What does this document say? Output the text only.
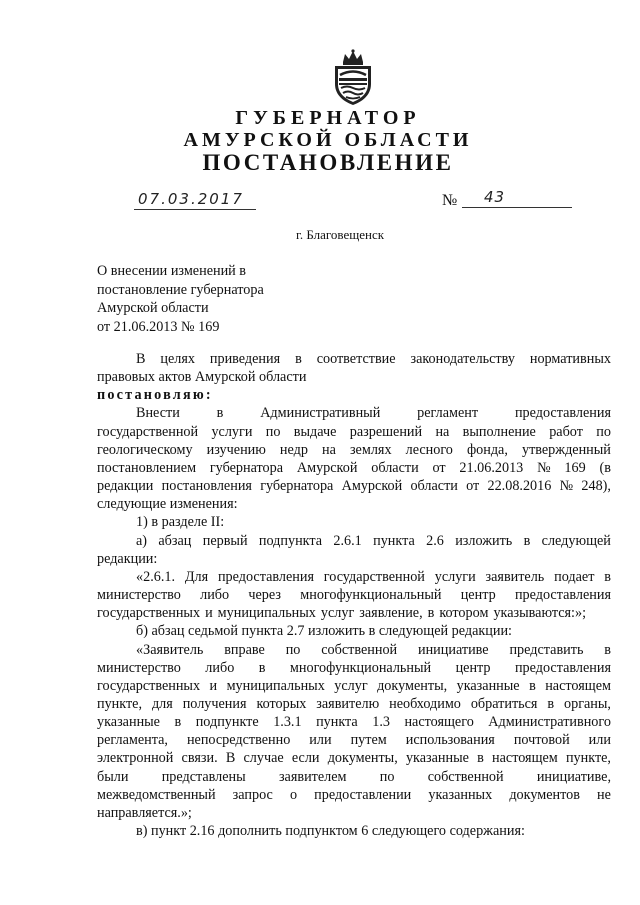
ГУБЕРНАТОР
АМУРСКОЙ ОБЛАСТИ
ПОСТАНОВЛЕНИЕ
07.03.2017	№ 43
г. Благовещенск
О внесении изменений в
постановление губернатора
Амурской области
от 21.06.2013 № 169
В целях приведения в соответствие законодательству нормативных
правовых актов Амурской области
постановляю:
Внести	в	Административный	регламент	предоставления
государственной услуги по выдаче разрешений на выполнение работ по
геологическому изучению недр на землях лесного фонда, утвержденный
постановлением губернатора Амурской области от 21.06.2013 № 169 (в
редакции постановления губернатора Амурской области от 22.08.2016 № 248),
следующие изменения:
1) в разделе II:
а) абзац первый подпункта 2.6.1 пункта 2.6 изложить в следующей
редакции:
«2.6.1. Для предоставления государственной услуги заявитель подает в
министерство либо через многофункциональный центр предоставления
государственных и муниципальных услуг заявление, в котором указываются:»;
б) абзац седьмой пункта 2.7 изложить в следующей редакции:
«Заявитель вправе по собственной инициативе представить в
министерство либо в многофункциональный центр предоставления
государственных и муниципальных услуг документы, указанные в настоящем
пункте, для получения которых заявителю необходимо обратиться в органы,
указанные в подпункте 1.3.1 пункта 1.3 настоящего Административного
регламента, непосредственно или путем использования почтовой или
электронной связи. В случае если документы, указанные в настоящем пункте,
были представлены заявителем по собственной инициативе,
межведомственный запрос о предоставлении указанных документов не
направляется.»;
в) пункт 2.16 дополнить подпунктом 6 следующего содержания:
